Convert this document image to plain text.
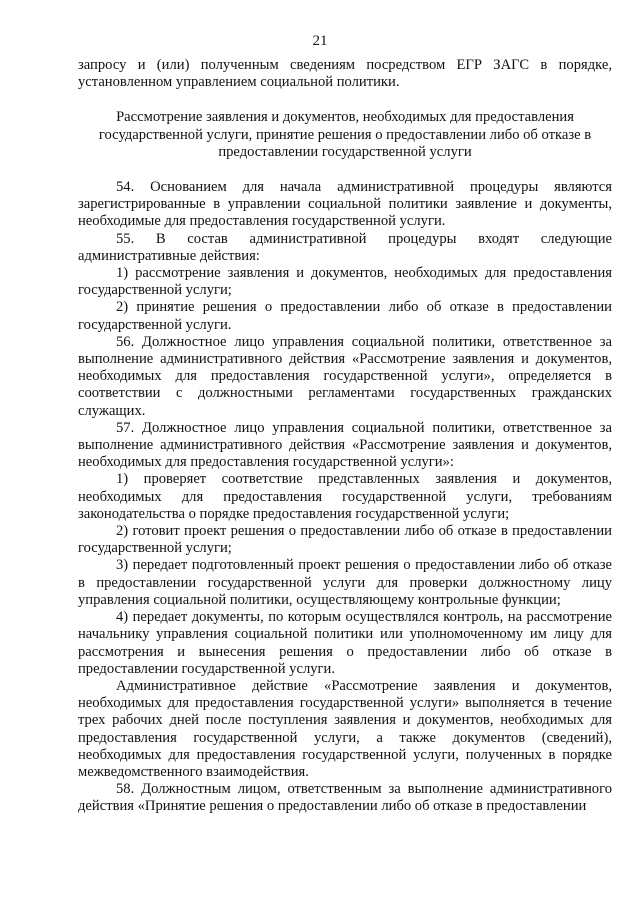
21

запросу и (или) полученным сведениям посредством ЕГР ЗАГС в порядке, установленном управлением социальной политики.

Рассмотрение заявления и документов, необходимых для предоставления государственной услуги, принятие решения о предоставлении либо об отказе в предоставлении государственной услуги

54. Основанием для начала административной процедуры являются зарегистрированные в управлении социальной политики заявление и документы, необходимые для предоставления государственной услуги.

55. В состав административной процедуры входят следующие административные действия:

1) рассмотрение заявления и документов, необходимых для предоставления государственной услуги;

2) принятие решения о предоставлении либо об отказе в предоставлении государственной услуги.

56. Должностное лицо управления социальной политики, ответственное за выполнение административного действия «Рассмотрение заявления и документов, необходимых для предоставления государственной услуги», определяется в соответствии с должностными регламентами государственных гражданских служащих.

57. Должностное лицо управления социальной политики, ответственное за выполнение административного действия «Рассмотрение заявления и документов, необходимых для предоставления государственной услуги»:

1) проверяет соответствие представленных заявления и документов, необходимых для предоставления государственной услуги, требованиям законодательства о порядке предоставления государственной услуги;

2) готовит проект решения о предоставлении либо об отказе в предоставлении государственной услуги;

3) передает подготовленный проект решения о предоставлении либо об отказе в предоставлении государственной услуги для проверки должностному лицу управления социальной политики, осуществляющему контрольные функции;

4) передает документы, по которым осуществлялся контроль, на рассмотрение начальнику управления социальной политики или уполномоченному им лицу для рассмотрения и вынесения решения о предоставлении либо об отказе в предоставлении государственной услуги.

Административное действие «Рассмотрение заявления и документов, необходимых для предоставления государственной услуги» выполняется в течение трех рабочих дней после поступления заявления и документов, необходимых для предоставления государственной услуги, а также документов (сведений), необходимых для предоставления государственной услуги, полученных в порядке межведомственного взаимодействия.

58. Должностным лицом, ответственным за выполнение административного действия «Принятие решения о предоставлении либо об отказе в предоставлении
